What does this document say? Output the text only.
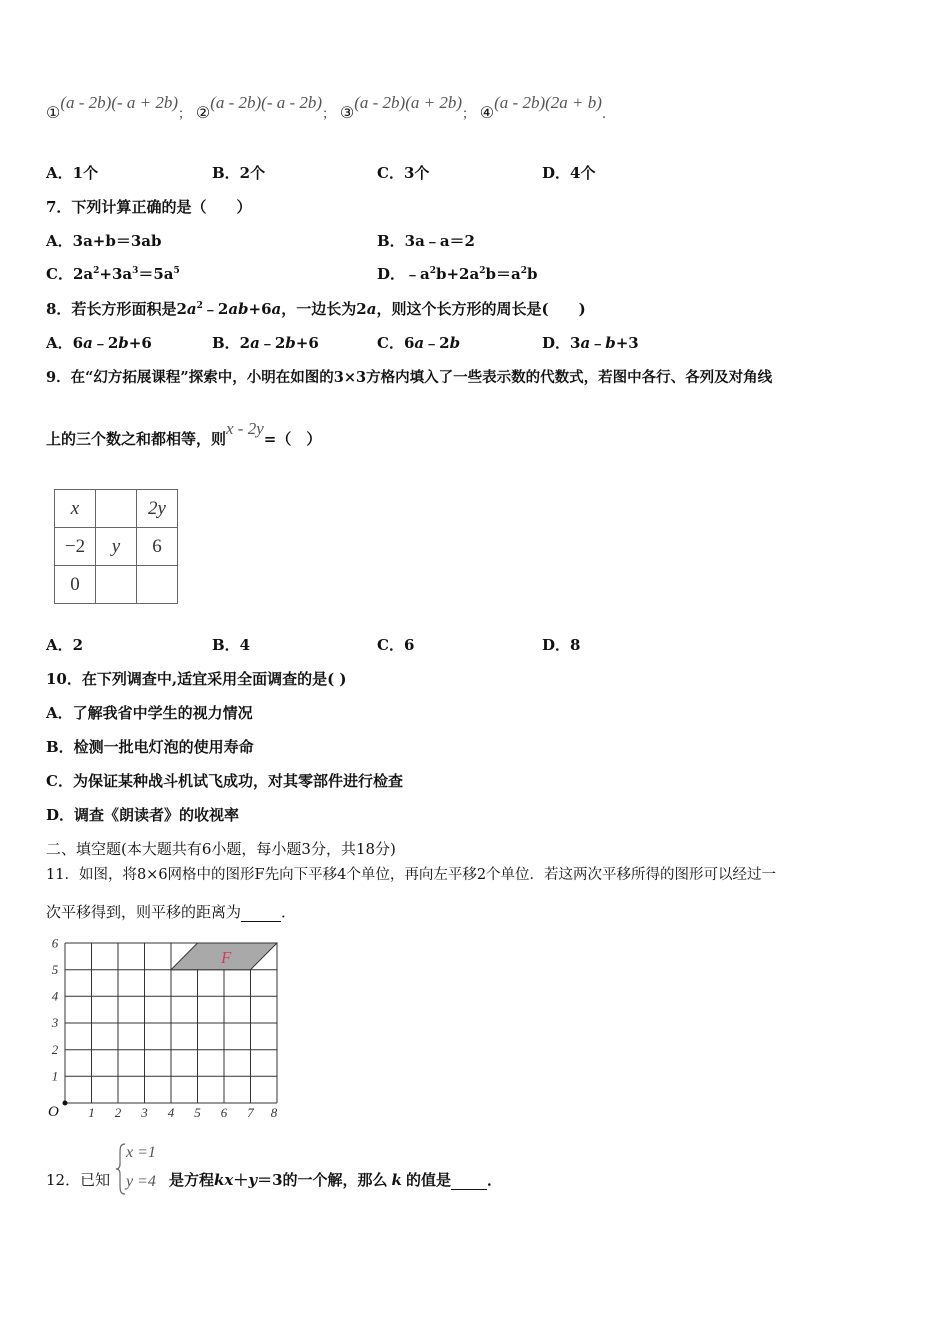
①(a - 2b)(- a + 2b)； ②(a - 2b)(- a - 2b)； ③(a - 2b)(a + 2b)； ④(a - 2b)(2a + b).
A．1个	B．2个	C．3个	D．4个
7．下列计算正确的是（　　）
A．3a+b＝3ab	B．3a﹣a＝2
C．$2a^2+3a^3=5a^5$	D．$﹣a^2b+2a^2b=a^2b$
8．若长方形面积是$2a^2﹣2ab+6a$，一边长为2a，则这个长方形的周长是(　　)
A．6a﹣2b+6	B．2a﹣2b+6	C．6a﹣2b	D．3a﹣b+3
9．在“幻方拓展课程”探索中，小明在如图的3×3方格内填入了一些表示数的代数式，若图中各行、各列及对角线
上的三个数之和都相等，则x - 2y=（　）
x		2y
−2	y	6
0		
A．2	B．4	C．6	D．8
10．在下列调查中,适宜采用全面调查的是( )
A．了解我省中学生的视力情况
B．检测一批电灯泡的使用寿命
C．为保证某种战斗机试飞成功，对其零部件进行检查
D．调查《朗读者》的收视率
二、填空题(本大题共有6小题，每小题3分，共18分)
11．如图，将8×6网格中的图形F先向下平移4个单位，再向左平移2个单位．若这两次平移所得的图形可以经过一
次平移得到，则平移的距离为	．
F
O 1 2 3 4 5 6 7 8
1
2
3
4
5
6
12．已知
x =1
y =4 是方程kx＋y＝3的一个解，那么 k 的值是 ．
